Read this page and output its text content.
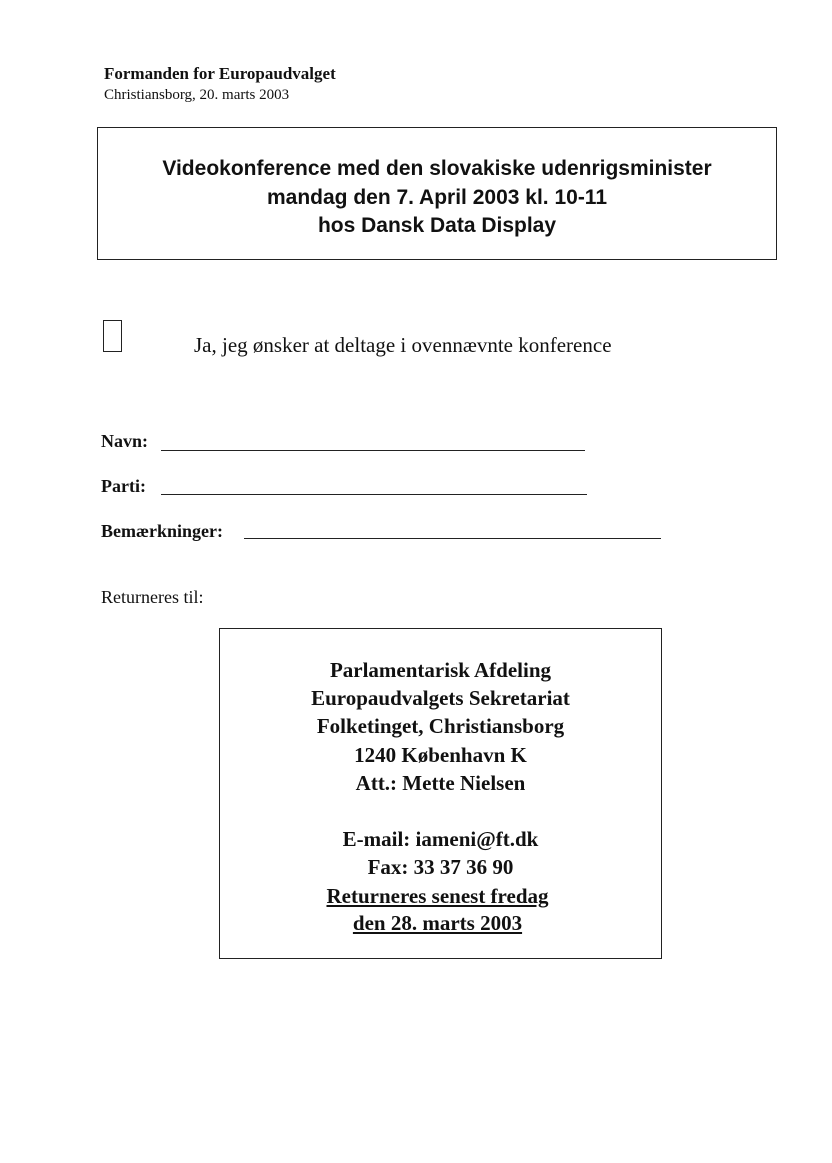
Formanden for Europaudvalget
Christiansborg, 20. marts 2003
Videokonference med den slovakiske udenrigsminister
mandag den 7. April 2003 kl. 10-11
hos Dansk Data Display
Ja, jeg ønsker at deltage i ovennævnte konference
Navn:
Parti:
Bemærkninger:
Returneres til:
Parlamentarisk Afdeling
Europaudvalgets Sekretariat
Folketinget, Christiansborg
1240 København K
Att.: Mette Nielsen
E-mail: iameni@ft.dk
Fax: 33 37 36 90
Returneres senest fredag
den 28. marts 2003
